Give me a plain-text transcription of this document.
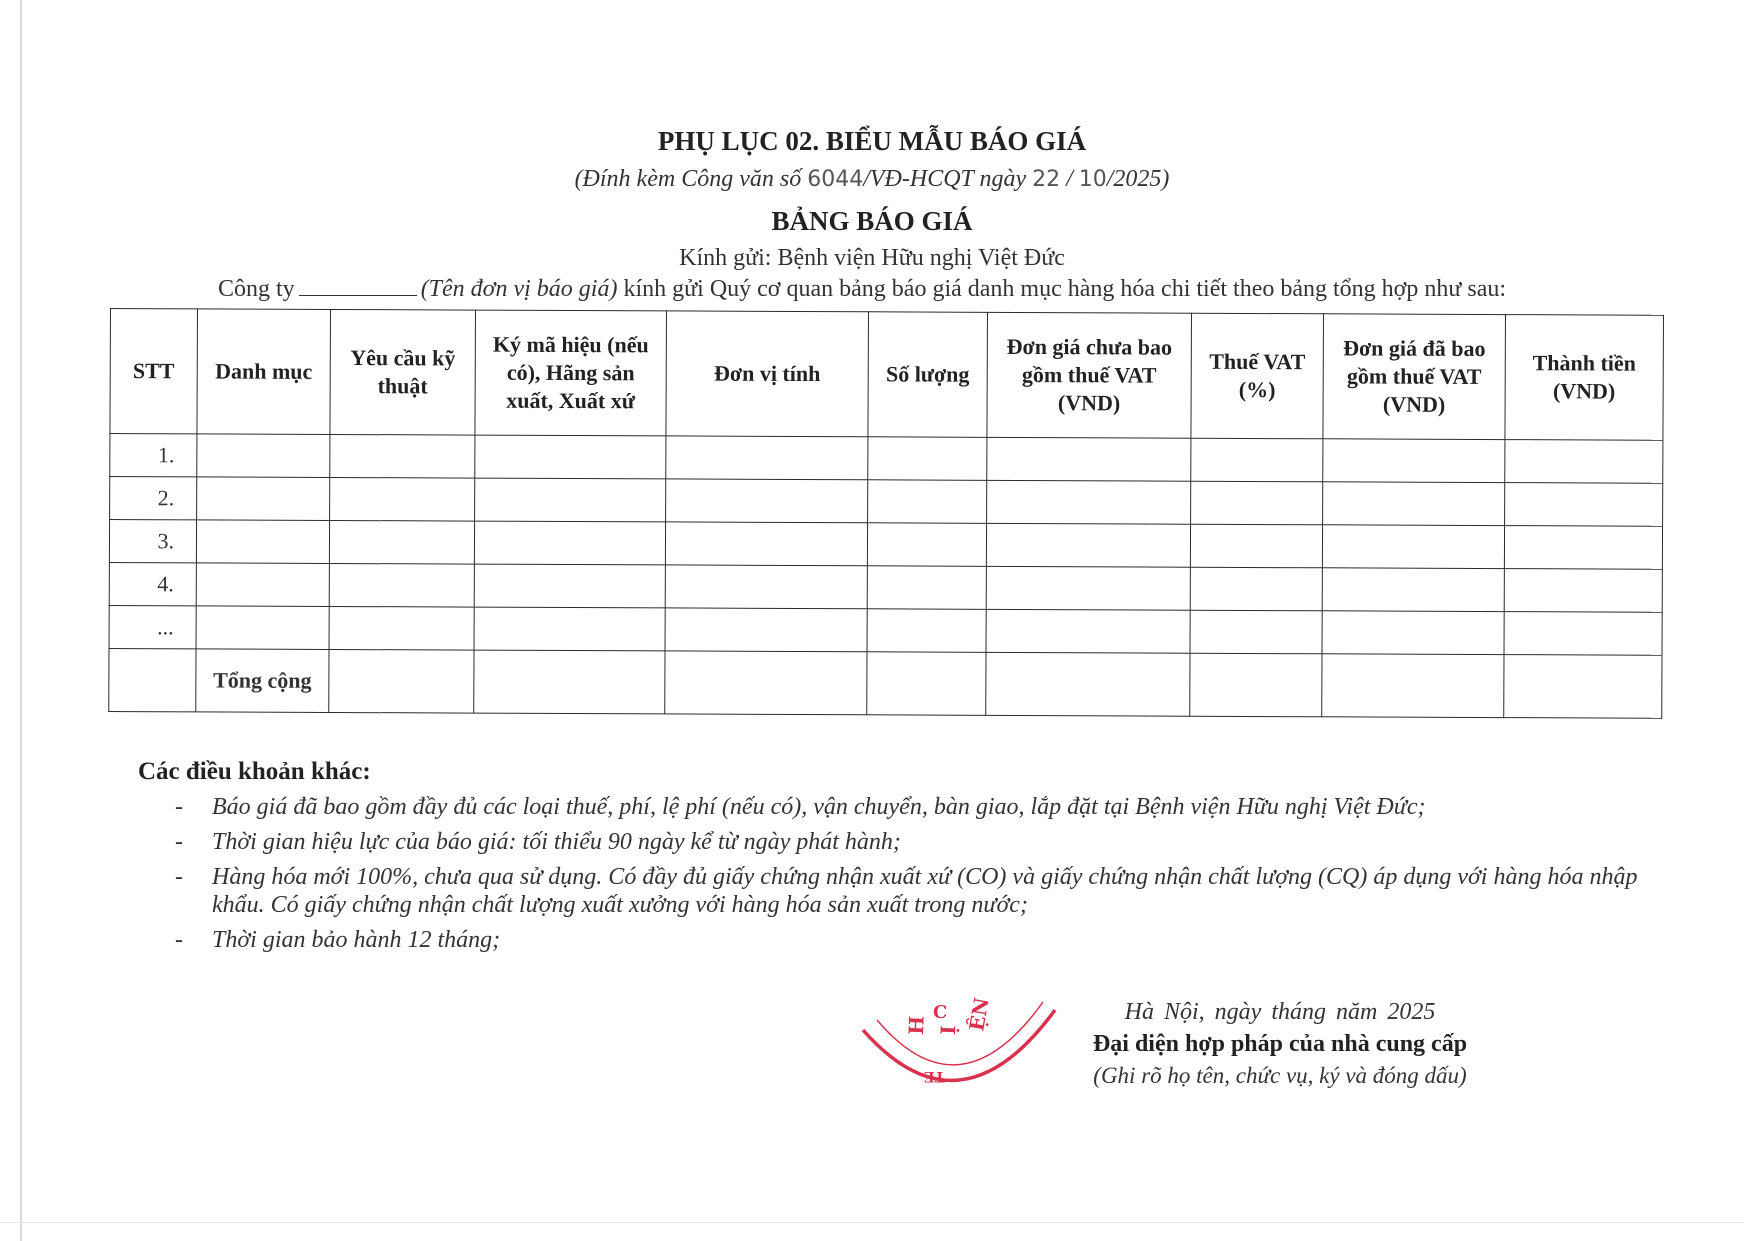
PHỤ LỤC 02. BIỂU MẪU BÁO GIÁ
(Đính kèm Công văn số 6044/VĐ-HCQT ngày 22 / 10/2025)
BẢNG BÁO GIÁ
Kính gửi: Bệnh viện Hữu nghị Việt Đức
Công ty	(Tên đơn vị báo giá) kính gửi Quý cơ quan bảng báo giá danh mục hàng hóa chi tiết theo bảng tổng hợp như sau:
STT	Danh mục	Yêu cầu kỹ thuật	Ký mã hiệu (nếu có), Hãng sản xuất, Xuất xứ	Đơn vị tính	Số lượng	Đơn giá chưa bao gồm thuế VAT (VND)	Thuế VAT (%)	Đơn giá đã bao gồm thuế VAT (VND)	Thành tiền (VND)
1.									
2.									
3.									
4.									
...									
	Tổng cộng								
Các điều khoản khác:
- Báo giá đã bao gồm đầy đủ các loại thuế, phí, lệ phí (nếu có), vận chuyển, bàn giao, lắp đặt tại Bệnh viện Hữu nghị Việt Đức;
- Thời gian hiệu lực của báo giá: tối thiểu 90 ngày kể từ ngày phát hành;
- Hàng hóa mới 100%, chưa qua sử dụng. Có đầy đủ giấy chứng nhận xuất xứ (CO) và giấy chứng nhận chất lượng (CQ) áp dụng với hàng hóa nhập khẩu. Có giấy chứng nhận chất lượng xuất xưởng với hàng hóa sản xuất trong nước;
- Thời gian bảo hành 12 tháng;
ỆN
Ị
H
C
TE
Hà Nội, ngày tháng năm 2025
Đại diện hợp pháp của nhà cung cấp
(Ghi rõ họ tên, chức vụ, ký và đóng dấu)
